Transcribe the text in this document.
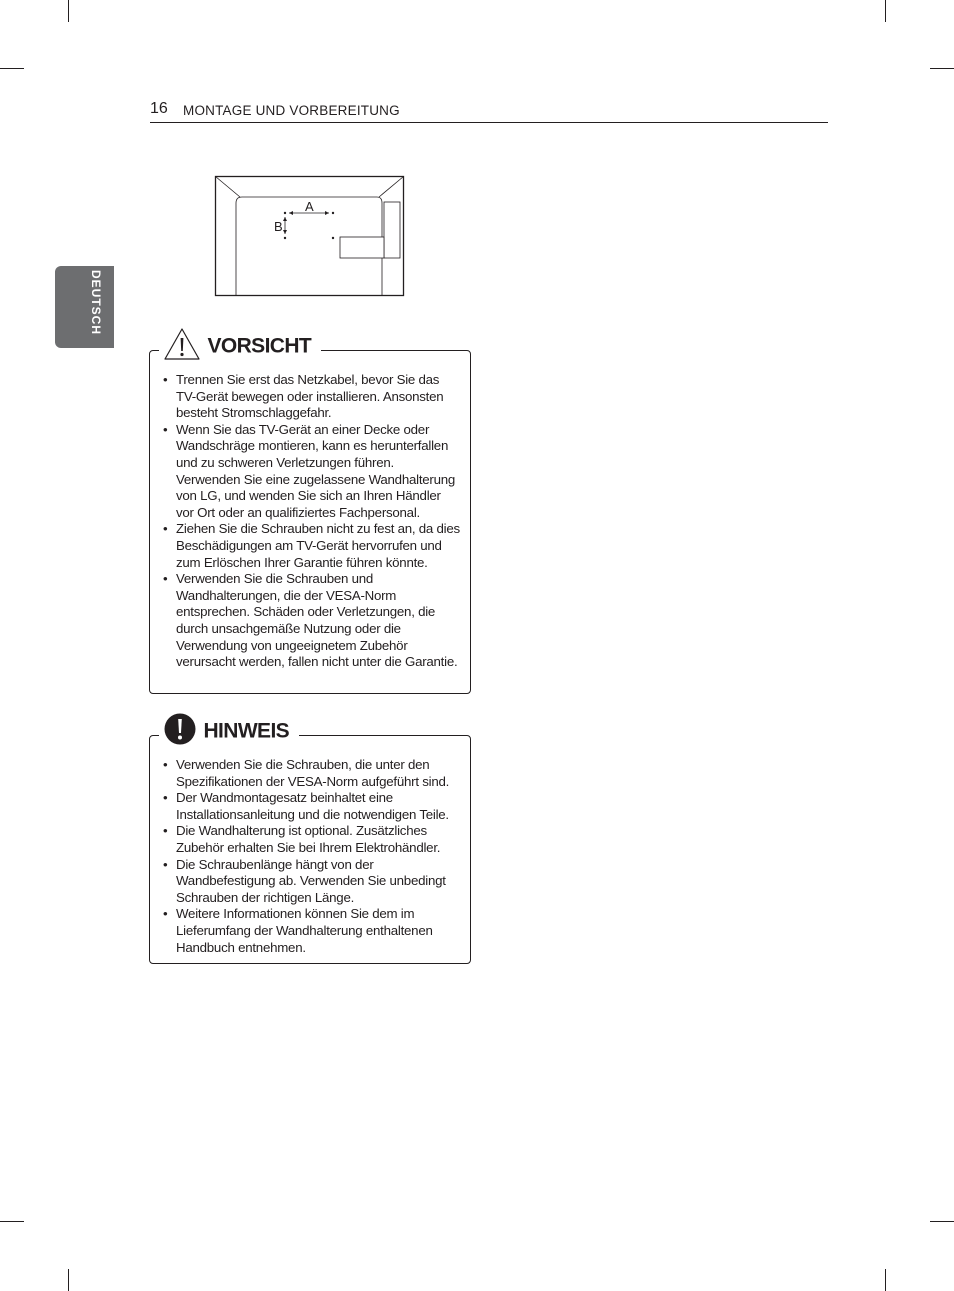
16 MONTAGE UND VORBEREITUNG
DEUTSCH
A
B
VORSICHT
• Trennen Sie erst das Netzkabel, bevor Sie das TV-Gerät bewegen oder installieren. Ansonsten besteht Stromschlaggefahr.
• Wenn Sie das TV-Gerät an einer Decke oder Wandschräge montieren, kann es herunterfallen und zu schweren Verletzungen führen. Verwenden Sie eine zugelassene Wandhalterung von LG, und wenden Sie sich an Ihren Händler vor Ort oder an qualifiziertes Fachpersonal.
• Ziehen Sie die Schrauben nicht zu fest an, da dies Beschädigungen am TV-Gerät hervorrufen und zum Erlöschen Ihrer Garantie führen könnte.
• Verwenden Sie die Schrauben und Wandhalterungen, die der VESA-Norm entsprechen. Schäden oder Verletzungen, die durch unsachgemäße Nutzung oder die Verwendung von ungeeignetem Zubehör verursacht werden, fallen nicht unter die Garantie.
HINWEIS
• Verwenden Sie die Schrauben, die unter den Spezifikationen der VESA-Norm aufgeführt sind.
• Der Wandmontagesatz beinhaltet eine Installationsanleitung und die notwendigen Teile.
• Die Wandhalterung ist optional. Zusätzliches Zubehör erhalten Sie bei Ihrem Elektrohändler.
• Die Schraubenlänge hängt von der Wandbefestigung ab. Verwenden Sie unbedingt Schrauben der richtigen Länge.
• Weitere Informationen können Sie dem im Lieferumfang der Wandhalterung enthaltenen Handbuch entnehmen.
